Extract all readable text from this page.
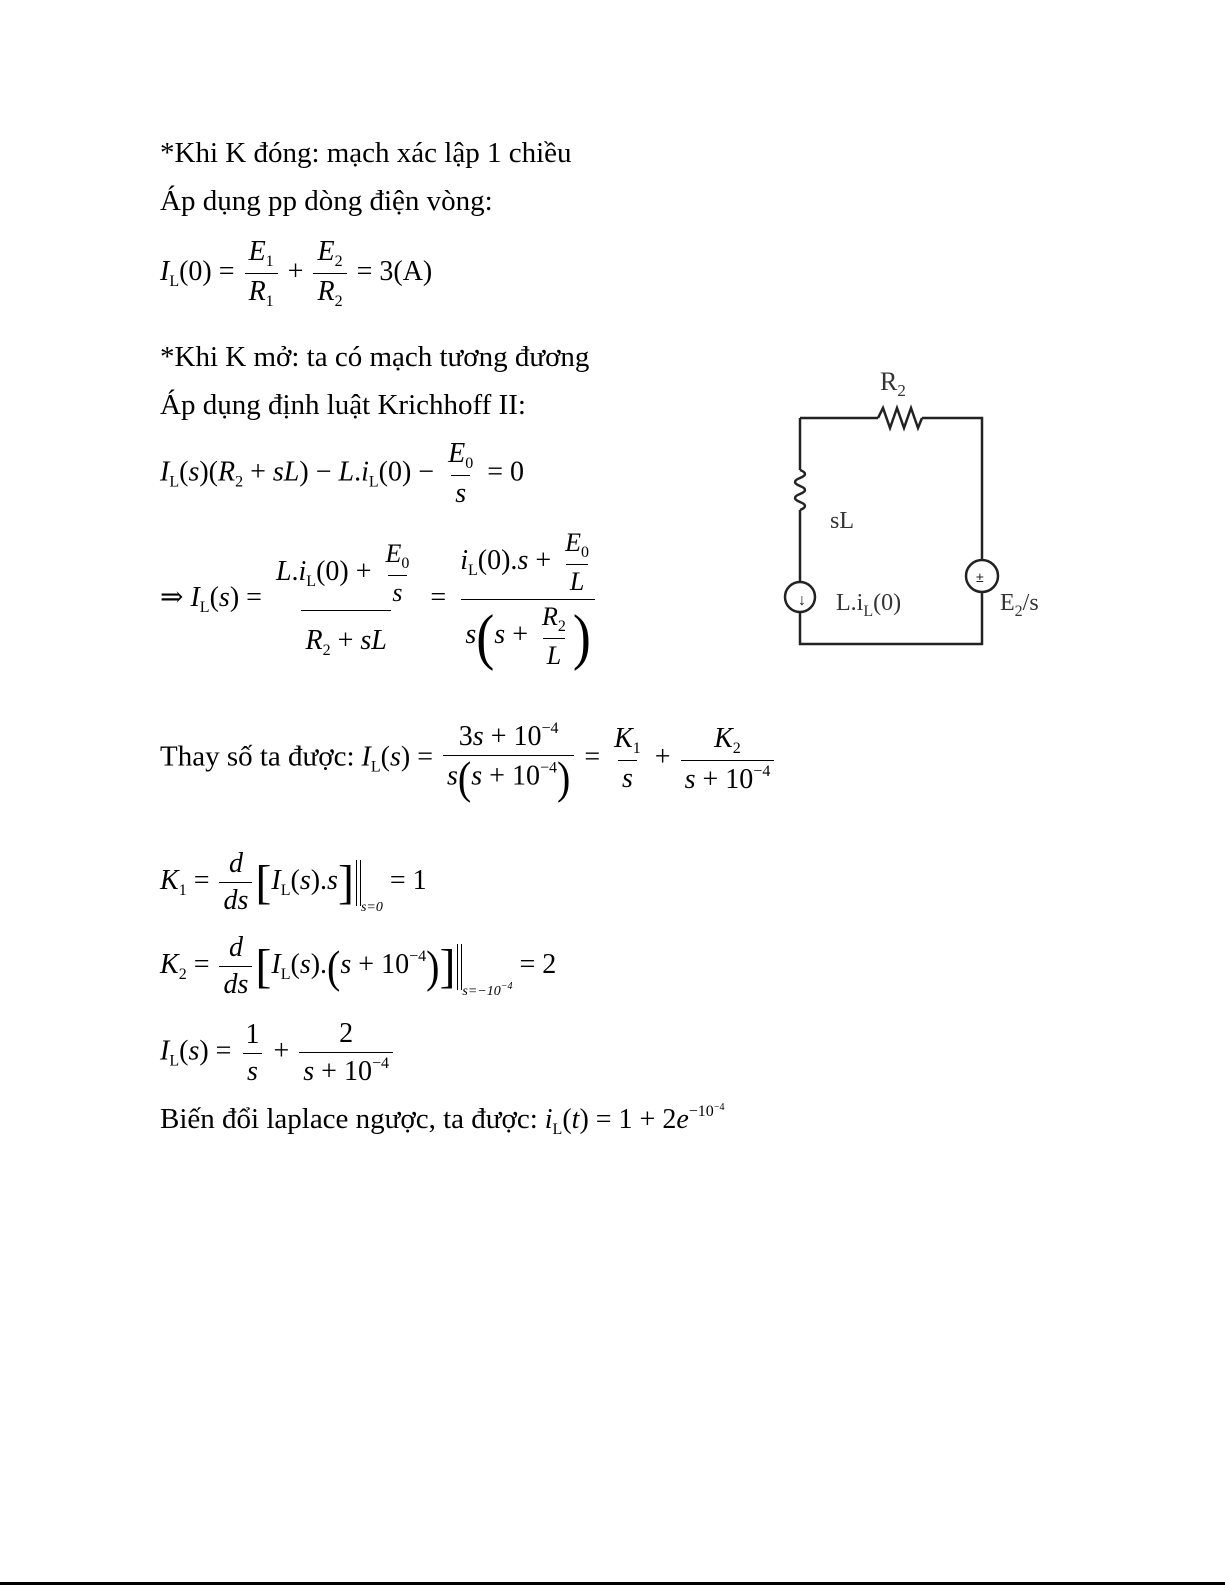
*Khi K đóng: mạch xác lập 1 chiều
Áp dụng pp dòng điện vòng:
$I_L(0) = \frac{E_1}{R_1} + \frac{E_2}{R_2} = 3(A)$
*Khi K mở: ta có mạch tương đương
Áp dụng định luật Krichhoff II:
$I_L(s)(R_2 + sL) - L.i_L(0) - \frac{E_0}{s} = 0$
⇒ $I_L(s) = \frac{L.i_L(0) + \frac{E_0}{s}}{R_2 + sL} = \frac{i_L(0).s + \frac{E_0}{L}}{s(s + \frac{R_2}{L} )}$
Thay số ta được: $I_L(s) = \frac{3s + 10^{-4}}{s(s + 10^{-4})} = \frac{K_1}{s} + \frac{K_2}{s + 10^{-4}}$
$K_1 = \frac{d}{ds} [I_L(s).s] _{s=0} = 1$
$K_2 = \frac{d}{ds} [I_L(s).(s + 10^{-4})] _{s=-10^{-4}} = 2$
$I_L(s) = \frac{1}{s} + \frac{2}{s + 10^{-4}}$
Biến đổi laplace ngược, ta được: $i_L(t) = 1 + 2e^{-10^{-4}}$
↓
±
$R_2$
sL
$L.i_L(0)$	$E_2/s$
